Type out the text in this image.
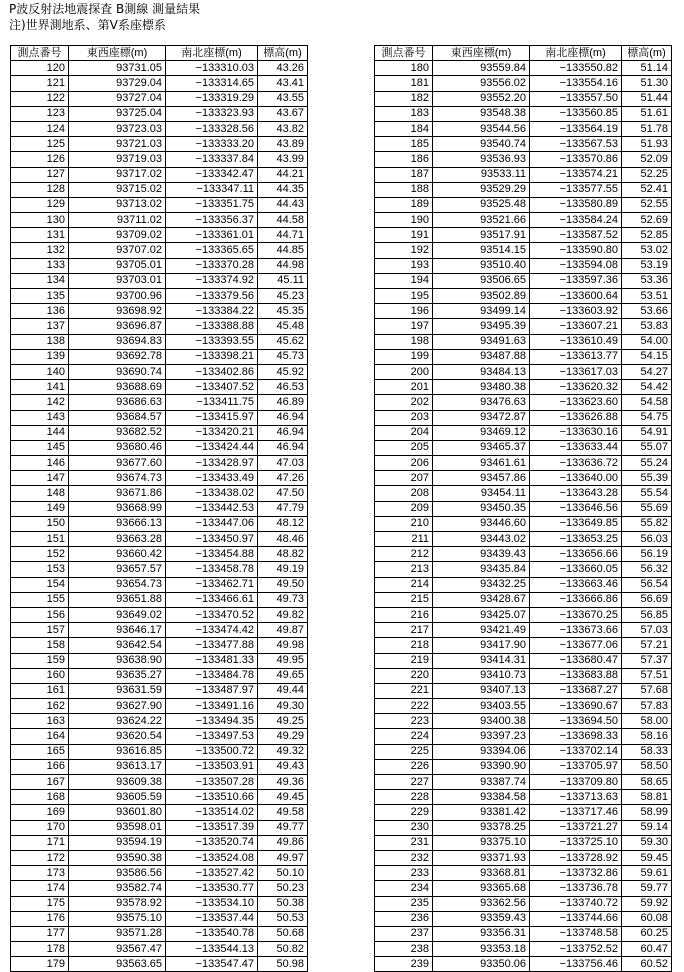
P波反射法地震探査 B測線 測量結果
注)世界測地系、第Ⅴ系座標系
測点番号	東西座標(m)	南北座標(m)	標高(m)
120	93731.05	−133310.03	43.26
121	93729.04	−133314.65	43.41
122	93727.04	−133319.29	43.55
123	93725.04	−133323.93	43.67
124	93723.03	−133328.56	43.82
125	93721.03	−133333.20	43.89
126	93719.03	−133337.84	43.99
127	93717.02	−133342.47	44.21
128	93715.02	−133347.11	44.35
129	93713.02	−133351.75	44.43
130	93711.02	−133356.37	44.58
131	93709.02	−133361.01	44.71
132	93707.02	−133365.65	44.85
133	93705.01	−133370.28	44.98
134	93703.01	−133374.92	45.11
135	93700.96	−133379.56	45.23
136	93698.92	−133384.22	45.35
137	93696.87	−133388.88	45.48
138	93694.83	−133393.55	45.62
139	93692.78	−133398.21	45.73
140	93690.74	−133402.86	45.92
141	93688.69	−133407.52	46.53
142	93686.63	−133411.75	46.89
143	93684.57	−133415.97	46.94
144	93682.52	−133420.21	46.94
145	93680.46	−133424.44	46.94
146	93677.60	−133428.97	47.03
147	93674.73	−133433.49	47.26
148	93671.86	−133438.02	47.50
149	93668.99	−133442.53	47.79
150	93666.13	−133447.06	48.12
151	93663.28	−133450.97	48.46
152	93660.42	−133454.88	48.82
153	93657.57	−133458.78	49.19
154	93654.73	−133462.71	49.50
155	93651.88	−133466.61	49.73
156	93649.02	−133470.52	49.82
157	93646.17	−133474.42	49.87
158	93642.54	−133477.88	49.98
159	93638.90	−133481.33	49.95
160	93635.27	−133484.78	49.65
161	93631.59	−133487.97	49.44
162	93627.90	−133491.16	49.30
163	93624.22	−133494.35	49.25
164	93620.54	−133497.53	49.29
165	93616.85	−133500.72	49.32
166	93613.17	−133503.91	49.43
167	93609.38	−133507.28	49.36
168	93605.59	−133510.66	49.45
169	93601.80	−133514.02	49.58
170	93598.01	−133517.39	49.77
171	93594.19	−133520.74	49.86
172	93590.38	−133524.08	49.97
173	93586.56	−133527.42	50.10
174	93582.74	−133530.77	50.23
175	93578.92	−133534.10	50.38
176	93575.10	−133537.44	50.53
177	93571.28	−133540.78	50.68
178	93567.47	−133544.13	50.82
179	93563.65	−133547.47	50.98
測点番号	東西座標(m)	南北座標(m)	標高(m)
180	93559.84	−133550.82	51.14
181	93556.02	−133554.16	51.30
182	93552.20	−133557.50	51.44
183	93548.38	−133560.85	51.61
184	93544.56	−133564.19	51.78
185	93540.74	−133567.53	51.93
186	93536.93	−133570.86	52.09
187	93533.11	−133574.21	52.25
188	93529.29	−133577.55	52.41
189	93525.48	−133580.89	52.55
190	93521.66	−133584.24	52.69
191	93517.91	−133587.52	52.85
192	93514.15	−133590.80	53.02
193	93510.40	−133594.08	53.19
194	93506.65	−133597.36	53.36
195	93502.89	−133600.64	53.51
196	93499.14	−133603.92	53.66
197	93495.39	−133607.21	53.83
198	93491.63	−133610.49	54.00
199	93487.88	−133613.77	54.15
200	93484.13	−133617.03	54.27
201	93480.38	−133620.32	54.42
202	93476.63	−133623.60	54.58
203	93472.87	−133626.88	54.75
204	93469.12	−133630.16	54.91
205	93465.37	−133633.44	55.07
206	93461.61	−133636.72	55.24
207	93457.86	−133640.00	55.39
208	93454.11	−133643.28	55.54
209	93450.35	−133646.56	55.69
210	93446.60	−133649.85	55.82
211	93443.02	−133653.25	56.03
212	93439.43	−133656.66	56.19
213	93435.84	−133660.05	56.32
214	93432.25	−133663.46	56.54
215	93428.67	−133666.86	56.69
216	93425.07	−133670.25	56.85
217	93421.49	−133673.66	57.03
218	93417.90	−133677.06	57.21
219	93414.31	−133680.47	57.37
220	93410.73	−133683.88	57.51
221	93407.13	−133687.27	57.68
222	93403.55	−133690.67	57.83
223	93400.38	−133694.50	58.00
224	93397.23	−133698.33	58.16
225	93394.06	−133702.14	58.33
226	93390.90	−133705.97	58.50
227	93387.74	−133709.80	58.65
228	93384.58	−133713.63	58.81
229	93381.42	−133717.46	58.99
230	93378.25	−133721.27	59.14
231	93375.10	−133725.10	59.30
232	93371.93	−133728.92	59.45
233	93368.81	−133732.86	59.61
234	93365.68	−133736.78	59.77
235	93362.56	−133740.72	59.92
236	93359.43	−133744.66	60.08
237	93356.31	−133748.58	60.25
238	93353.18	−133752.52	60.47
239	93350.06	−133756.46	60.52
